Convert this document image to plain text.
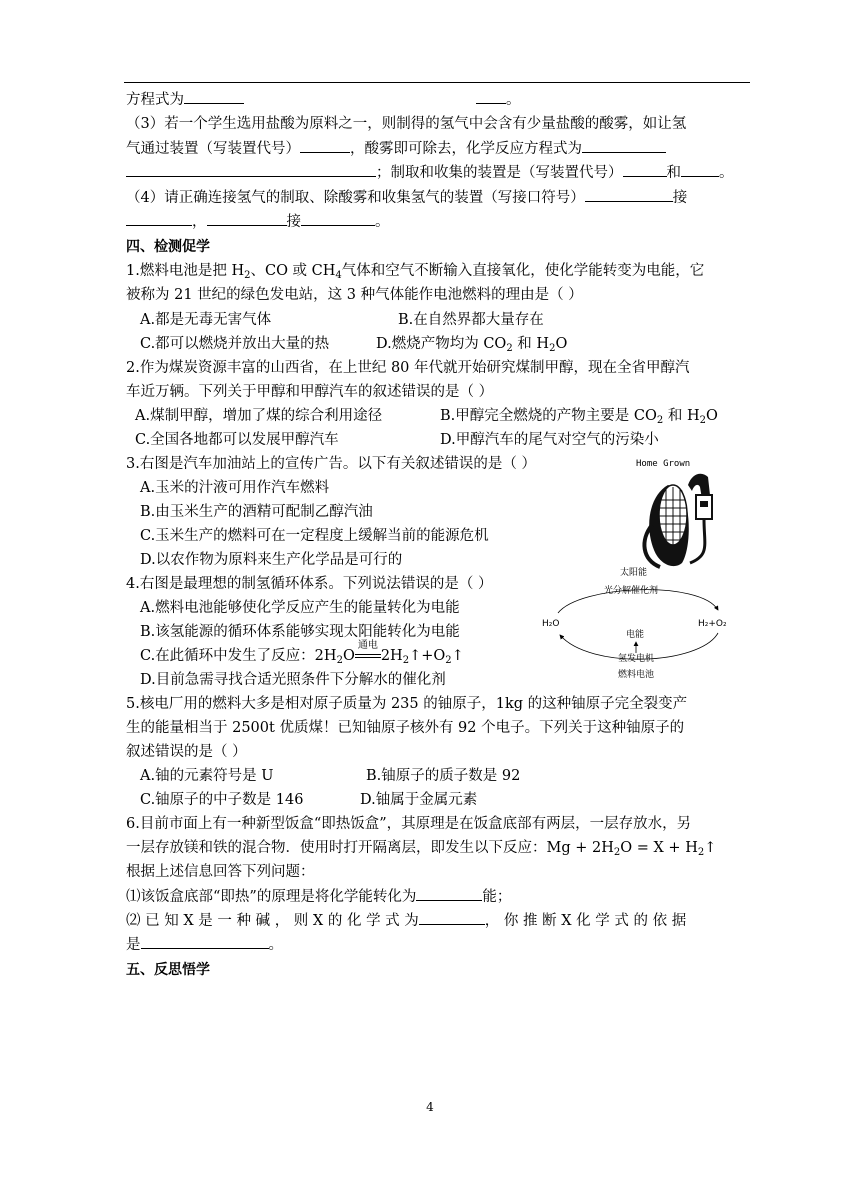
方程式为	。
（3）若一个学生选用盐酸为原料之一，则制得的氢气中会含有少量盐酸的酸雾，如让氢
气通过装置（写装置代号）	，酸雾即可除去，化学反应方程式为
；制取和收集的装置是（写装置代号）	和	。
（4）请正确连接氢气的制取、除酸雾和收集氢气的装置（写接口符号）	接
，	接	。
四、检测促学
1.燃料电池是把 $H_2$、CO 或 $CH_4$气体和空气不断输入直接氧化，使化学能转变为电能，它
被称为 21 世纪的绿色发电站，这 3 种气体能作电池燃料的理由是（ ）
A.都是无毒无害气体	B.在自然界都大量存在
C.都可以燃烧并放出大量的热	D.燃烧产物均为 $CO_2$ 和 $H_2O$
2.作为煤炭资源丰富的山西省，在上世纪 80 年代就开始研究煤制甲醇，现在全省甲醇汽
车近万辆。下列关于甲醇和甲醇汽车的叙述错误的是（ ）
A.煤制甲醇，增加了煤的综合利用途径	B.甲醇完全燃烧的产物主要是 $CO_2$ 和 $H_2O$
C.全国各地都可以发展甲醇汽车	D.甲醇汽车的尾气对空气的污染小
3.右图是汽车加油站上的宣传广告。以下有关叙述错误的是（ ）
A.玉米的汁液可用作汽车燃料
B.由玉米生产的酒精可配制乙醇汽油
C.玉米生产的燃料可在一定程度上缓解当前的能源危机
D.以农作物为原料来生产化学品是可行的
4.右图是最理想的制氢循环体系。下列说法错误的是（ ）
A.燃料电池能够使化学反应产生的能量转化为电能
B.该氢能源的循环体系能够实现太阳能转化为电能
C.在此循环中发生了反应：$2H_2O$
通电
$2H_2↑+O_2↑$
D.目前急需寻找合适光照条件下分解水的催化剂
5.核电厂用的燃料大多是相对原子质量为 235 的铀原子，1kg 的这种铀原子完全裂变产
生的能量相当于 2500t 优质煤！已知铀原子核外有 92 个电子。下列关于这种铀原子的
叙述错误的是（ ）
A.铀的元素符号是 U	B.铀原子的质子数是 92
C.铀原子的中子数是 146	D.铀属于金属元素
6.目前市面上有一种新型饭盒“即热饭盒”，其原理是在饭盒底部有两层，一层存放水，另
一层存放镁和铁的混合物．使用时打开隔离层，即发生以下反应：$Mg + 2H_2O = X$ + $H_2↑$
根据上述信息回答下列问题：
⑴该饭盒底部“即热”的原理是将化学能转化为	能；
⑵ 已 知 X 是 一 种 碱 ， 则 X 的 化 学 式 为	， 你 推 断 X 化 学 式 的 依 据
是	。
五、反思悟学
Home Grown
太阳能
光分解催化剂
H₂O	H₂+O₂
电能
氢发电机
燃料电池
4
